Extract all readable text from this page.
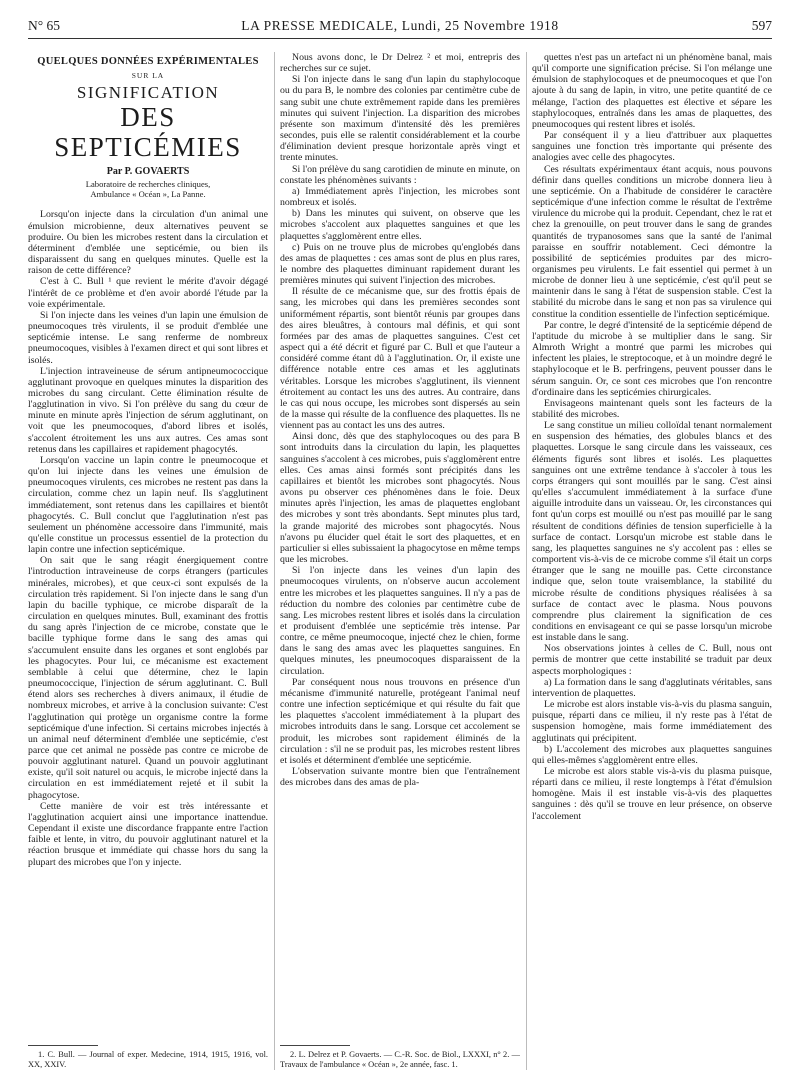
N° 65	LA PRESSE MEDICALE, Lundi, 25 Novembre 1918	597
QUELQUES DONNÉES EXPÉRIMENTALES
SUR LA
SIGNIFICATION
DES SEPTICÉMIES
Par P. GOVAERTS
Laboratoire de recherches cliniques,
Ambulance « Océan », La Panne.

Lorsqu'on injecte dans la circulation d'un animal une émulsion microbienne, deux alternatives peuvent se produire. Ou bien les microbes restent dans la circulation et déterminent d'emblée une septicémie, ou bien ils disparaissent du sang en quelques minutes. Quelle est la raison de cette différence?

C'est à C. Bull ¹ que revient le mérite d'avoir dégagé l'intérêt de ce problème et d'en avoir abordé l'étude par la voie expérimentale.

Si l'on injecte dans les veines d'un lapin une émulsion de pneumocoques très virulents, il se produit d'emblée une septicémie intense. Le sang renferme de nombreux pneumocoques, visibles à l'examen direct et qui sont libres et isolés.

L'injection intraveineuse de sérum antipneumococcique agglutinant provoque en quelques minutes la disparition des microbes du sang circulant. Cette élimination résulte de l'agglutination in vivo. Si l'on prélève du sang du cœur de minute en minute après l'injection de sérum agglutinant, on voit que les pneumocoques, d'abord libres et isolés, s'accolent étroitement les uns aux autres. Ces amas sont retenus dans les capillaires et rapidement phagocytés.

Lorsqu'on vaccine un lapin contre le pneumocoque et qu'on lui injecte dans les veines une émulsion de pneumocoques virulents, ces microbes ne restent pas dans la circulation, comme chez un lapin neuf. Ils s'agglutinent immédiatement, sont retenus dans les capillaires et bientôt phagocytés. C. Bull conclut que l'agglutination n'est pas seulement un phénomène accessoire dans l'immunité, mais qu'elle constitue un processus essentiel de la protection du lapin contre une infection septicémique.

On sait que le sang réagit énergiquement contre l'introduction intraveineuse de corps étrangers (particules minérales, microbes), et que ceux-ci sont expulsés de la circulation très rapidement. Si l'on injecte dans le sang d'un lapin du bacille typhique, ce microbe disparaît de la circulation en quelques minutes. Bull, examinant des frottis du sang après l'injection de ce microbe, constate que le bacille typhique forme dans le sang des amas qui s'accumulent ensuite dans les organes et sont englobés par les phagocytes. Pour lui, ce mécanisme est exactement semblable à celui que détermine, chez le lapin pneumococcique, l'injection de sérum agglutinant. C. Bull étend alors ses recherches à divers animaux, il étudie de nombreux microbes, et arrive à la conclusion suivante: C'est l'agglutination qui protège un organisme contre la forme septicémique d'une infection. Si certains microbes injectés à un animal neuf déterminent d'emblée une septicémie, c'est parce que cet animal ne possède pas contre ce microbe de pouvoir agglutinant naturel. Quand un pouvoir agglutinant existe, qu'il soit naturel ou acquis, le microbe injecté dans la circulation en est immédiatement rejeté et il subit la phagocytose.

Cette manière de voir est très intéressante et l'agglutination acquiert ainsi une importance inattendue. Cependant il existe une discordance frappante entre l'action faible et lente, in vitro, du pouvoir agglutinant naturel et la réaction brusque et immédiate qui chasse hors du sang la plupart des microbes que l'on y injecte.

1. C. Bull. — Journal of exper. Medecine, 1914, 1915, 1916, vol. XX, XXIV.

Nous avons donc, le Dr Delrez ² et moi, entrepris des recherches sur ce sujet.

Si l'on injecte dans le sang d'un lapin du staphylocoque ou du para B, le nombre des colonies par centimètre cube de sang subit une chute extrêmement rapide dans les premières minutes qui suivent l'injection. La disparition des microbes présente son maximum d'intensité dès les premières secondes, puis elle se ralentit considérablement et la courbe d'élimination devient presque horizontale après vingt et trente minutes.

Si l'on prélève du sang carotidien de minute en minute, on constate les phénomènes suivants :

a) Immédiatement après l'injection, les microbes sont nombreux et isolés.

b) Dans les minutes qui suivent, on observe que les microbes s'accolent aux plaquettes sanguines et que les plaquettes s'agglomèrent entre elles.

c) Puis on ne trouve plus de microbes qu'englobés dans des amas de plaquettes : ces amas sont de plus en plus rares, le nombre des plaquettes diminuant rapidement durant les premières minutes qui suivent l'injection des microbes.

Il résulte de ce mécanisme que, sur des frottis épais de sang, les microbes qui dans les premières secondes sont uniformément répartis, sont bientôt réunis par groupes dans des aires bleuâtres, à contours mal définis, et qui sont formées par des amas de plaquettes sanguines. C'est cet aspect qui a été décrit et figuré par C. Bull et que l'auteur a considéré comme étant dû à l'agglutination. Or, il existe une différence notable entre ces amas et les agglutinats véritables. Lorsque les microbes s'agglutinent, ils viennent étroitement au contact les uns des autres. Au contraire, dans le cas qui nous occupe, les microbes sont dispersés au sein de la masse qui résulte de la confluence des plaquettes. Ils ne viennent pas au contact les uns des autres.

Ainsi donc, dès que des staphylocoques ou des para B sont introduits dans la circulation du lapin, les plaquettes sanguines s'accolent à ces microbes, puis s'agglomèrent entre elles. Ces amas ainsi formés sont précipités dans les capillaires et bientôt les microbes sont phagocytés. Nous avons pu observer ces phénomènes dans le foie. Deux minutes après l'injection, les amas de plaquettes englobant des microbes y sont très abondants. Sept minutes plus tard, la grande majorité des microbes sont phagocytés. Nous n'avons pu élucider quel était le sort des plaquettes, et en particulier si elles subissaient la phagocytose en même temps que les microbes.

Si l'on injecte dans les veines d'un lapin des pneumocoques virulents, on n'observe aucun accolement entre les microbes et les plaquettes sanguines. Il n'y a pas de réduction du nombre des colonies par centimètre cube de sang. Les microbes restent libres et isolés dans la circulation et produisent d'emblée une septicémie très intense. Par contre, ce même pneumocoque, injecté chez le chien, forme dans le sang des amas avec les plaquettes sanguines. En quelques minutes, les pneumocoques disparaissent de la circulation.

Par conséquent nous nous trouvons en présence d'un mécanisme d'immunité naturelle, protégeant l'animal neuf contre une infection septicémique et qui résulte du fait que les plaquettes s'accolent immédiatement à la plupart des microbes introduits dans le sang. Lorsque cet accolement se produit, les microbes sont rapidement éliminés de la circulation : s'il ne se produit pas, les microbes restent libres et isolés et déterminent d'emblée une septicémie.

L'observation suivante montre bien que l'entraînement des microbes dans des amas de pla-

2. L. Delrez et P. Govaerts. — C.-R. Soc. de Biol., LXXXI, n° 2. — Travaux de l'ambulance « Océan », 2e année, fasc. 1.

quettes n'est pas un artefact ni un phénomène banal, mais qu'il comporte une signification précise. Si l'on mélange une émulsion de staphylocoques et de pneumocoques et que l'on ajoute à du sang de lapin, in vitro, une petite quantité de ce mélange, l'action des plaquettes est élective et sépare les staphylocoques, entraînés dans les amas de plaquettes, des pneumocoques qui restent libres et isolés.

Par conséquent il y a lieu d'attribuer aux plaquettes sanguines une fonction très importante qui présente des analogies avec celle des phagocytes.

Ces résultats expérimentaux étant acquis, nous pouvons définir dans quelles conditions un microbe donnera lieu à une septicémie. On a l'habitude de considérer le caractère septicémique d'une infection comme le résultat de l'extrême virulence du microbe qui la produit. Cependant, chez le rat et chez la grenouille, on peut trouver dans le sang de grandes quantités de trypanosomes sans que la santé de l'animal paraisse en souffrir notablement. Ceci démontre la possibilité de septicémies produites par des micro-organismes peu virulents. Le fait essentiel qui permet à un microbe de donner lieu à une septicémie, c'est qu'il peut se maintenir dans le sang à l'état de suspension stable. C'est la stabilité du microbe dans le sang et non pas sa virulence qui constitue la condition essentielle de l'infection septicémique.

Par contre, le degré d'intensité de la septicémie dépend de l'aptitude du microbe à se multiplier dans le sang. Sir Almroth Wright a montré que parmi les microbes qui infectent les plaies, le streptocoque, et à un moindre degré le staphylocoque et le B. perfringens, peuvent pousser dans le sérum sanguin. Or, ce sont ces microbes que l'on rencontre d'ordinaire dans les septicémies chirurgicales.

Envisageons maintenant quels sont les facteurs de la stabilité des microbes.

Le sang constitue un milieu colloïdal tenant normalement en suspension des hématies, des globules blancs et des plaquettes. Lorsque le sang circule dans les vaisseaux, ces éléments figurés sont libres et isolés. Les plaquettes sanguines ont une extrême tendance à s'accoler à tous les corps étrangers qui sont mouillés par le sang. C'est ainsi qu'elles s'accumulent immédiatement à la surface d'une aiguille introduite dans un vaisseau. Or, les circonstances qui font qu'un corps est mouillé ou n'est pas mouillé par le sang résultent de conditions définies de tension superficielle à la surface de contact. Lorsqu'un microbe est stable dans le sang, les plaquettes sanguines ne s'y accolent pas : elles se comportent vis-à-vis de ce microbe comme s'il était un corps étranger que le sang ne mouille pas. Cette circonstance indique que, selon toute vraisemblance, la stabilité du microbe résulte de conditions physiques réalisées à sa surface de contact avec le plasma. Nous pouvons comprendre plus clairement la signification de ces conditions en envisageant ce qui se passe lorsqu'un microbe est instable dans le sang.

Nos observations jointes à celles de C. Bull, nous ont permis de montrer que cette instabilité se traduit par deux aspects morphologiques :

a) La formation dans le sang d'agglutinats véritables, sans intervention de plaquettes.

Le microbe est alors instable vis-à-vis du plasma sanguin, puisque, réparti dans ce milieu, il n'y reste pas à l'état de suspension homogène, mais forme immédiatement des agglutinats qui précipitent.

b) L'accolement des microbes aux plaquettes sanguines qui elles-mêmes s'agglomèrent entre elles.

Le microbe est alors stable vis-à-vis du plasma puisque, réparti dans ce milieu, il reste longtemps à l'état d'émulsion homogène. Mais il est instable vis-à-vis des plaquettes sanguines : dès qu'il se trouve en leur présence, on observe l'accolement
